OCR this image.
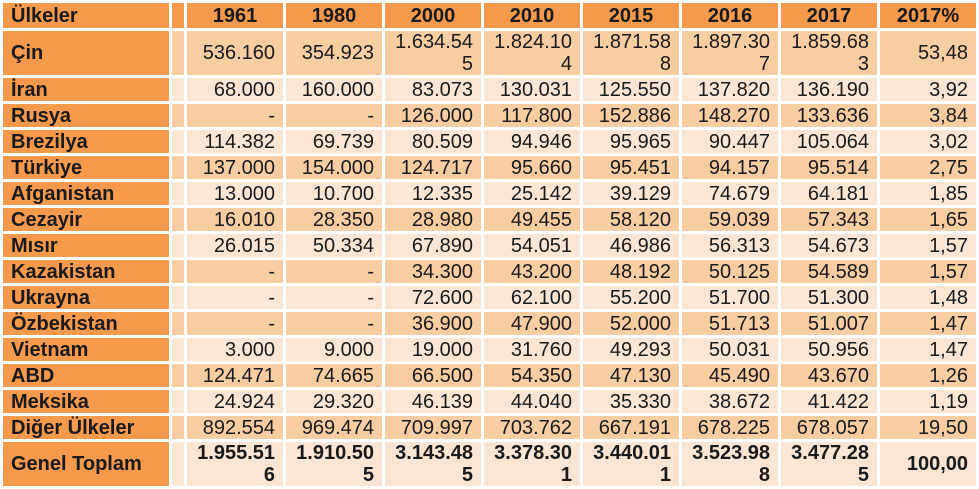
Ülkeler		1961	1980	2000	2010	2015	2016	2017	2017%
Çin		536.160	354.923	1.634.545	1.824.104	1.871.588	1.897.307	1.859.683	53,48
İran		68.000	160.000	83.073	130.031	125.550	137.820	136.190	3,92
Rusya		-	-	126.000	117.800	152.886	148.270	133.636	3,84
Brezilya		114.382	69.739	80.509	94.946	95.965	90.447	105.064	3,02
Türkiye		137.000	154.000	124.717	95.660	95.451	94.157	95.514	2,75
Afganistan		13.000	10.700	12.335	25.142	39.129	74.679	64.181	1,85
Cezayir		16.010	28.350	28.980	49.455	58.120	59.039	57.343	1,65
Mısır		26.015	50.334	67.890	54.051	46.986	56.313	54.673	1,57
Kazakistan		-	-	34.300	43.200	48.192	50.125	54.589	1,57
Ukrayna		-	-	72.600	62.100	55.200	51.700	51.300	1,48
Özbekistan		-	-	36.900	47.900	52.000	51.713	51.007	1,47
Vietnam		3.000	9.000	19.000	31.760	49.293	50.031	50.956	1,47
ABD		124.471	74.665	66.500	54.350	47.130	45.490	43.670	1,26
Meksika		24.924	29.320	46.139	44.040	35.330	38.672	41.422	1,19
Diğer Ülkeler		892.554	969.474	709.997	703.762	667.191	678.225	678.057	19,50
Genel Toplam		1.955.516	1.910.505	3.143.485	3.378.301	3.440.011	3.523.988	3.477.285	100,00
